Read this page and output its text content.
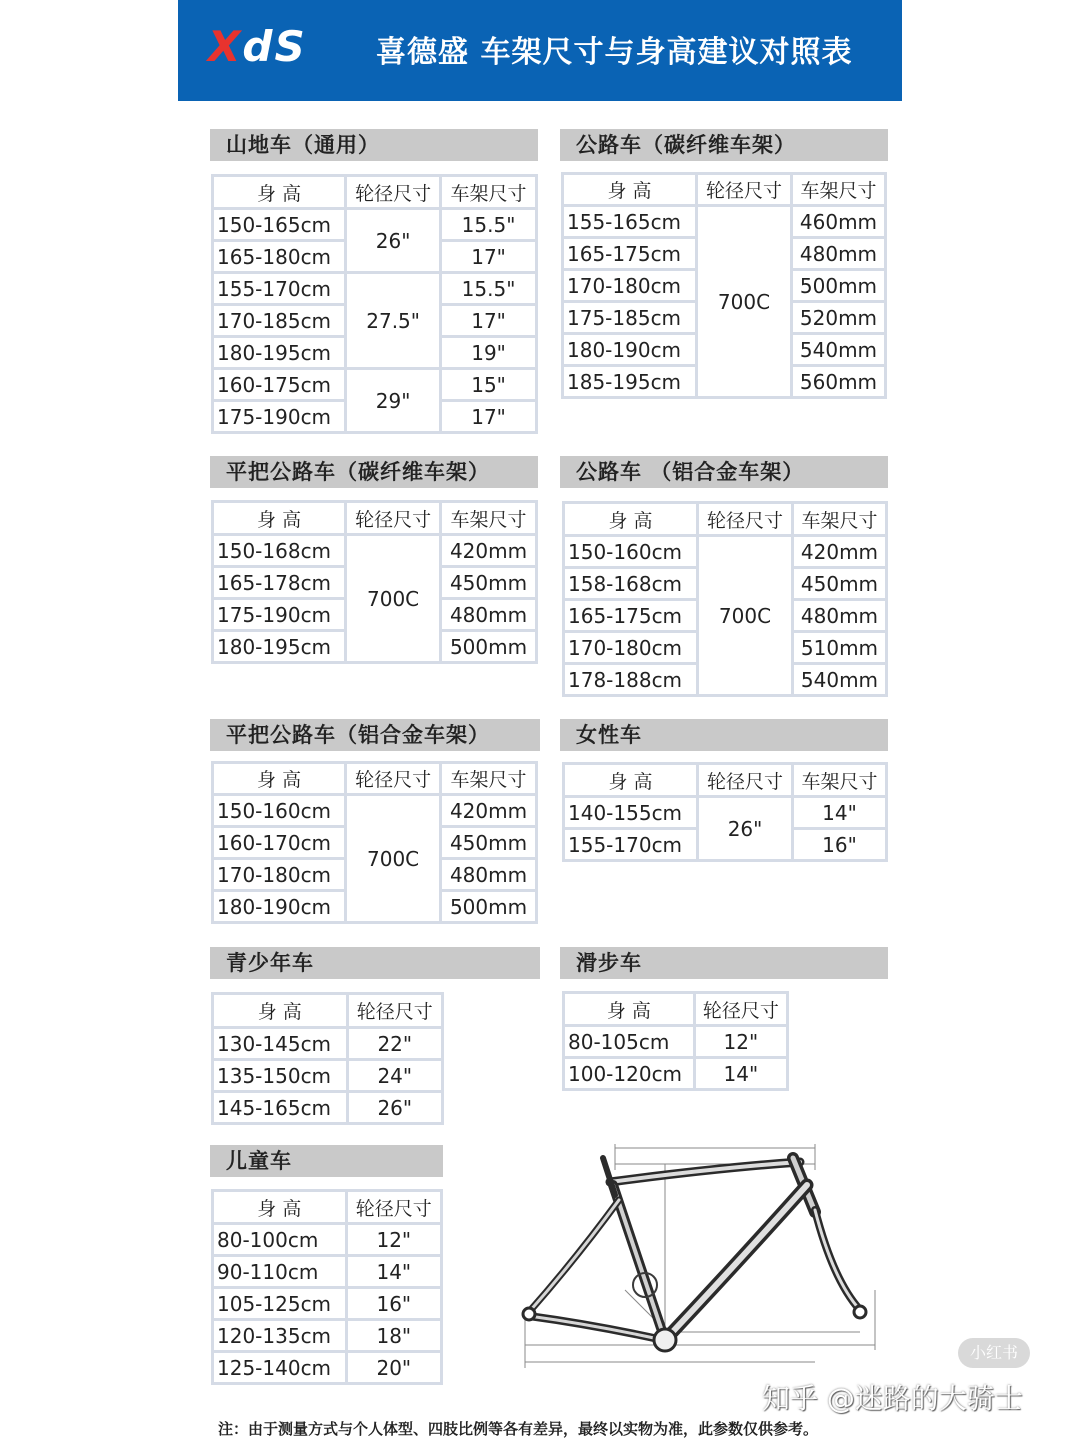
XdS 喜德盛 车架尺寸与身高建议对照表
山地车（通用）
身 高	轮径尺寸	车架尺寸
150-165cm	26"	15.5"
165-180cm		17"
155-170cm	27.5"	15.5"
170-185cm		17"
180-195cm		19"
160-175cm	29"	15"
175-190cm		17"
公路车（碳纤维车架）
身 高	轮径尺寸	车架尺寸
155-165cm	700C	460mm
165-175cm		480mm
170-180cm		500mm
175-185cm		520mm
180-190cm		540mm
185-195cm		560mm
平把公路车（碳纤维车架）
身 高	轮径尺寸	车架尺寸
150-168cm	700C	420mm
165-178cm		450mm
175-190cm		480mm
180-195cm		500mm
公路车 （铝合金车架）
身 高	轮径尺寸	车架尺寸
150-160cm	700C	420mm
158-168cm		450mm
165-175cm		480mm
170-180cm		510mm
178-188cm		540mm
平把公路车（铝合金车架）
身 高	轮径尺寸	车架尺寸
150-160cm	700C	420mm
160-170cm		450mm
170-180cm		480mm
180-190cm		500mm
女性车
身 高	轮径尺寸	车架尺寸
140-155cm	26"	14"
155-170cm		16"
青少年车
身 高	轮径尺寸
130-145cm	22"
135-150cm	24"
145-165cm	26"
滑步车
身 高	轮径尺寸
80-105cm	12"
100-120cm	14"
儿童车
身 高	轮径尺寸
80-100cm	12"
90-110cm	14"
105-125cm	16"
120-135cm	18"
125-140cm	20"
注：由于测量方式与个人体型、四肢比例等各有差异，最终以实物为准，此参数仅供参考。
小红书
知乎 @迷路的大骑士
